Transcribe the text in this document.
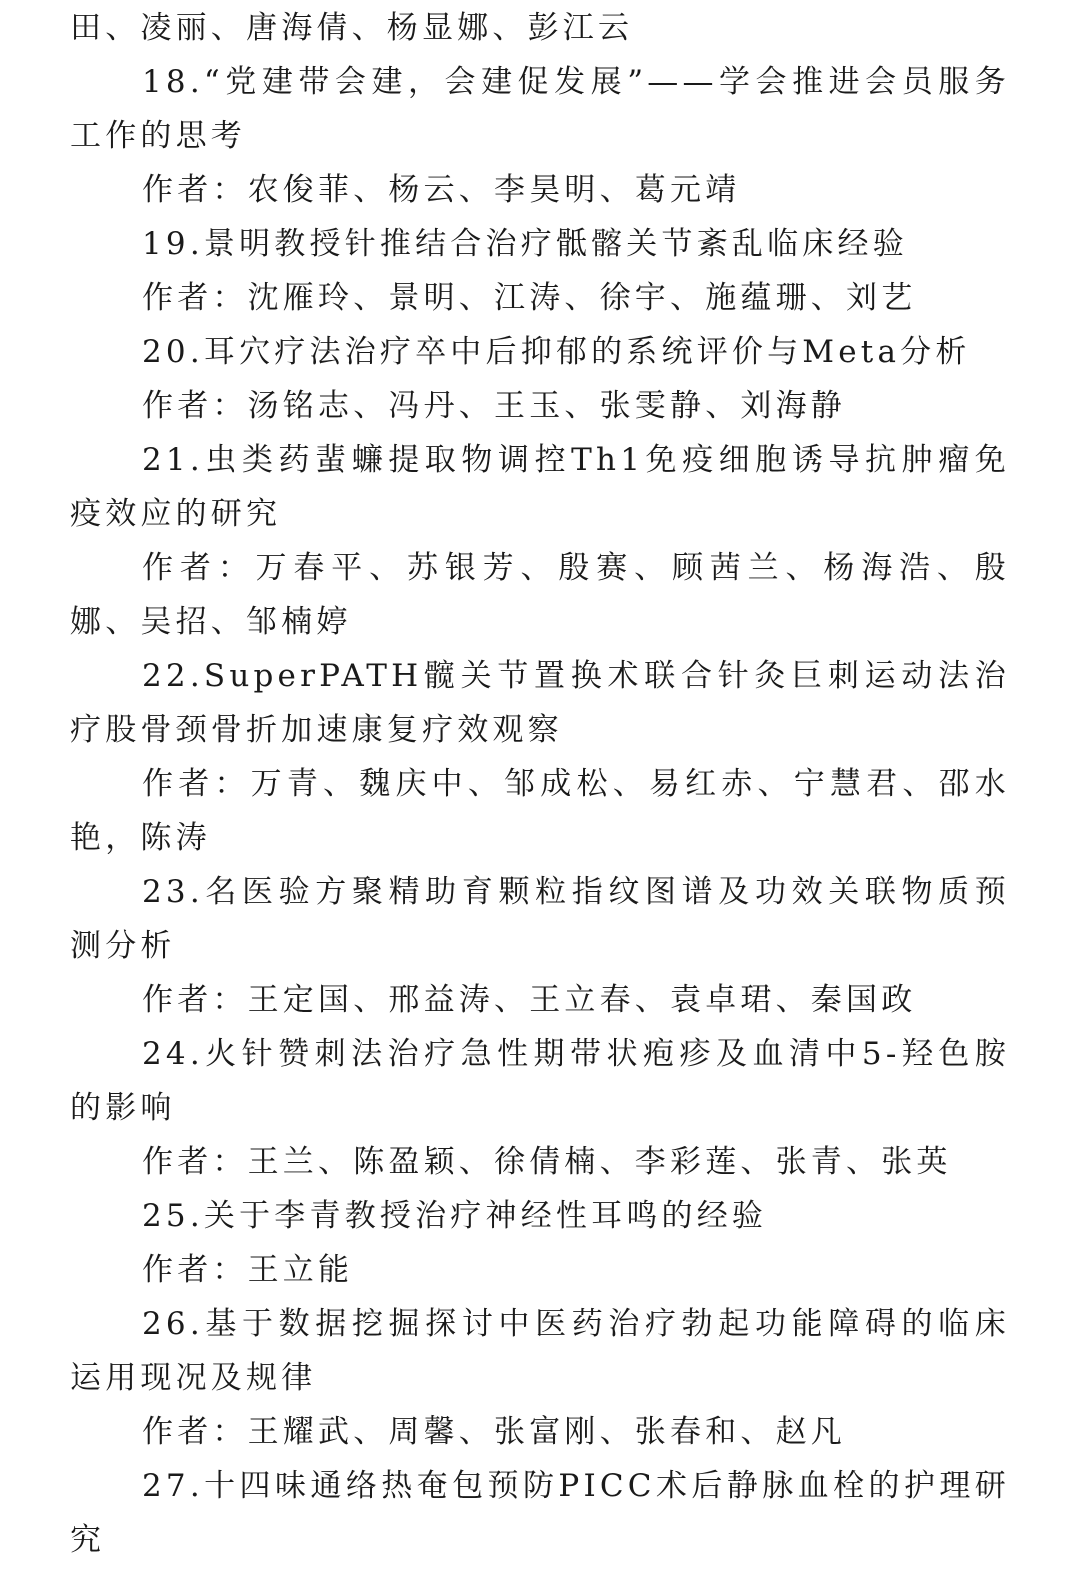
田、凌丽、唐海倩、杨显娜、彭江云

18.“党建带会建，会建促发展”——学会推进会员服务工作的思考

作者：农俊菲、杨云、李昊明、葛元靖

19.景明教授针推结合治疗骶髂关节紊乱临床经验

作者：沈雁玲、景明、江涛、徐宇、施蕴珊、刘艺

20.耳穴疗法治疗卒中后抑郁的系统评价与Meta分析

作者：汤铭志、冯丹、王玉、张雯静、刘海静

21.虫类药蜚蠊提取物调控Th1免疫细胞诱导抗肿瘤免疫效应的研究

作者：万春平、苏银芳、殷赛、顾茜兰、杨海浩、殷娜、吴招、邹楠婷

22.SuperPATH髋关节置换术联合针灸巨刺运动法治疗股骨颈骨折加速康复疗效观察

作者：万青、魏庆中、邹成松、易红赤、宁慧君、邵水艳，陈涛

23.名医验方聚精助育颗粒指纹图谱及功效关联物质预测分析

作者：王定国、邢益涛、王立春、袁卓珺、秦国政

24.火针赞刺法治疗急性期带状疱疹及血清中5-羟色胺的影响

作者：王兰、陈盈颖、徐倩楠、李彩莲、张青、张英

25.关于李青教授治疗神经性耳鸣的经验

作者：王立能

26.基于数据挖掘探讨中医药治疗勃起功能障碍的临床运用现况及规律

作者：王耀武、周馨、张富刚、张春和、赵凡

27.十四味通络热奄包预防PICC术后静脉血栓的护理研究
